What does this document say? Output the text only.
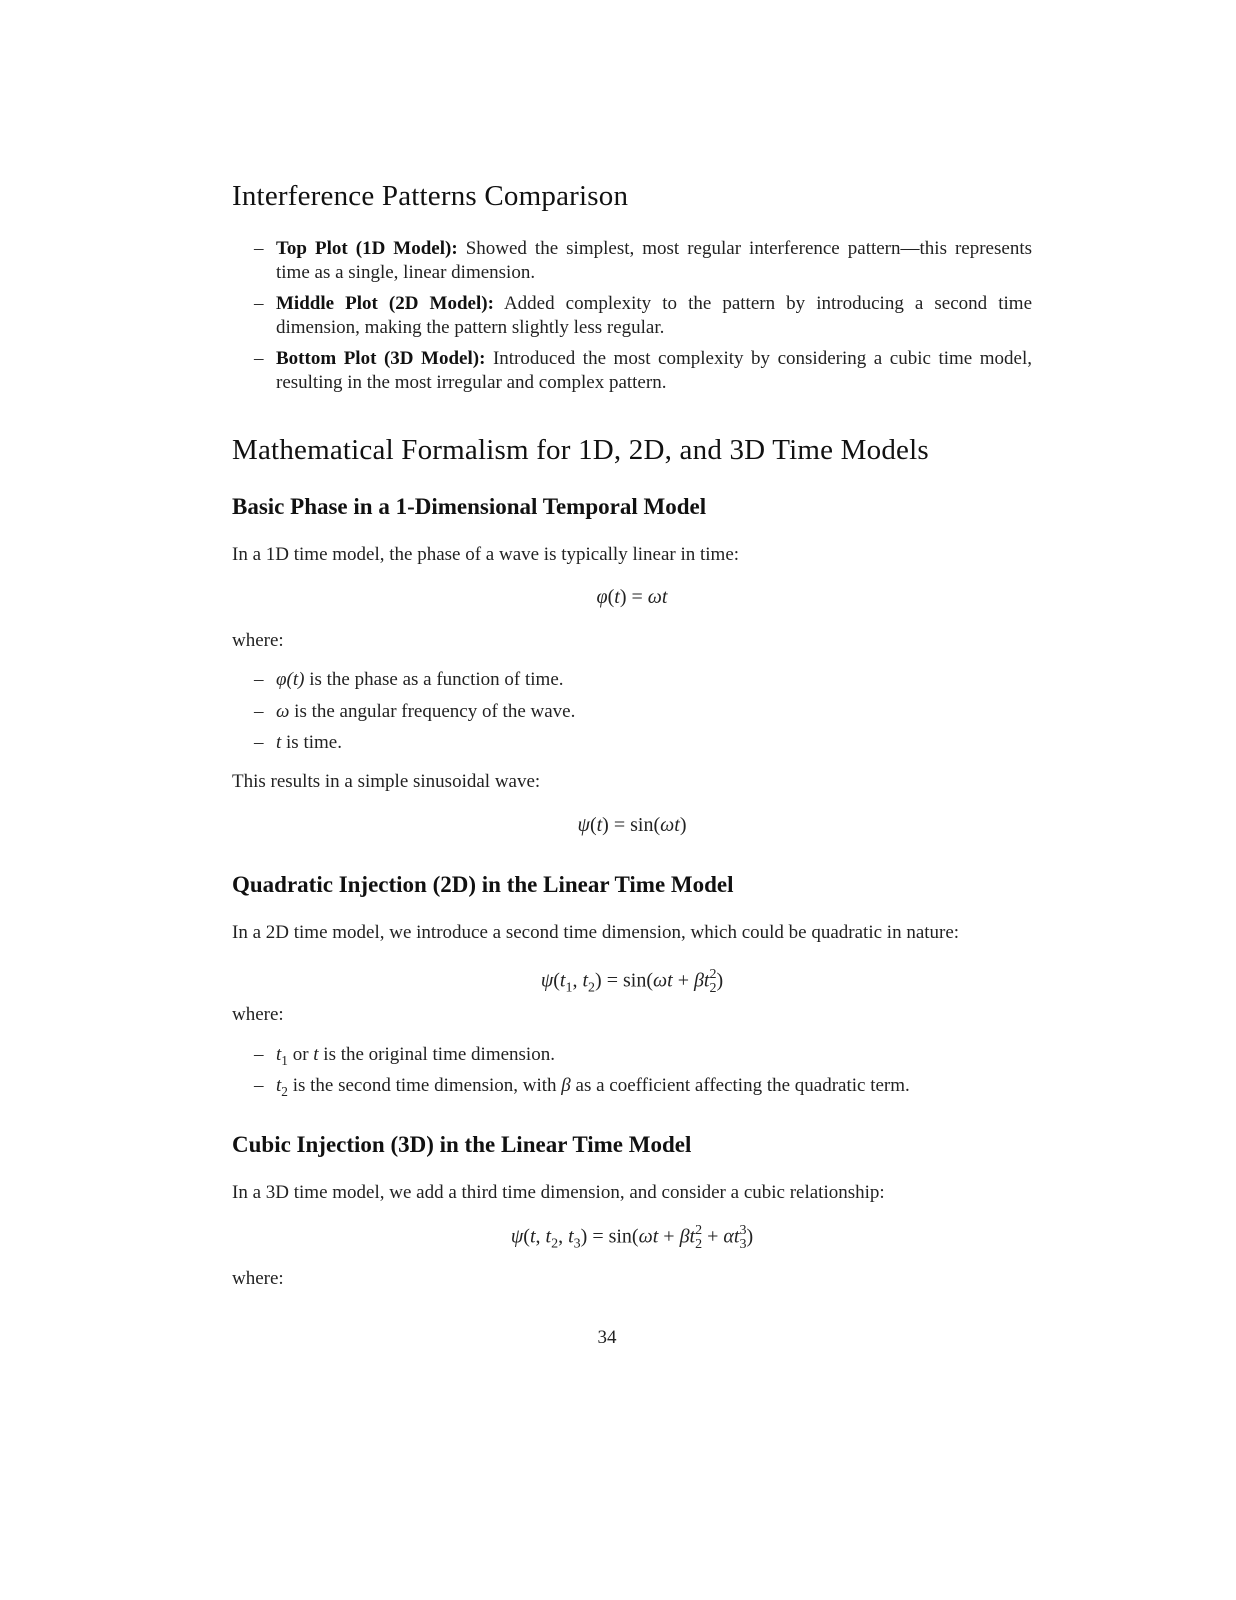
Interference Patterns Comparison
– Top Plot (1D Model): Showed the simplest, most regular interference pattern—this represents time as a single, linear dimension.
– Middle Plot (2D Model): Added complexity to the pattern by introducing a second time dimension, making the pattern slightly less regular.
– Bottom Plot (3D Model): Introduced the most complexity by considering a cubic time model, resulting in the most irregular and complex pattern.
Mathematical Formalism for 1D, 2D, and 3D Time Models
Basic Phase in a 1-Dimensional Temporal Model

In a 1D time model, the phase of a wave is typically linear in time:

φ(t) = ωt

where:

– φ(t) is the phase as a function of time.
– ω is the angular frequency of the wave.
– t is time.

This results in a simple sinusoidal wave:

ψ(t) = sin(ωt)
Quadratic Injection (2D) in the Linear Time Model

In a 2D time model, we introduce a second time dimension, which could be quadratic in nature:

$\psi(t_1$, $t_2) = \sin(\omega t + \beta t$ 2
2 )

where:

– $t_1$ or t is the original time dimension.
– $t_2$ is the second time dimension, with β as a coefficient affecting the quadratic term.
Cubic Injection (3D) in the Linear Time Model

In a 3D time model, we add a third time dimension, and consider a cubic relationship:

ψ(t, $t_2$, $t_3) = \sin(\omega t + \beta t$ 2
2 + αt 3
3 )

where:

34
